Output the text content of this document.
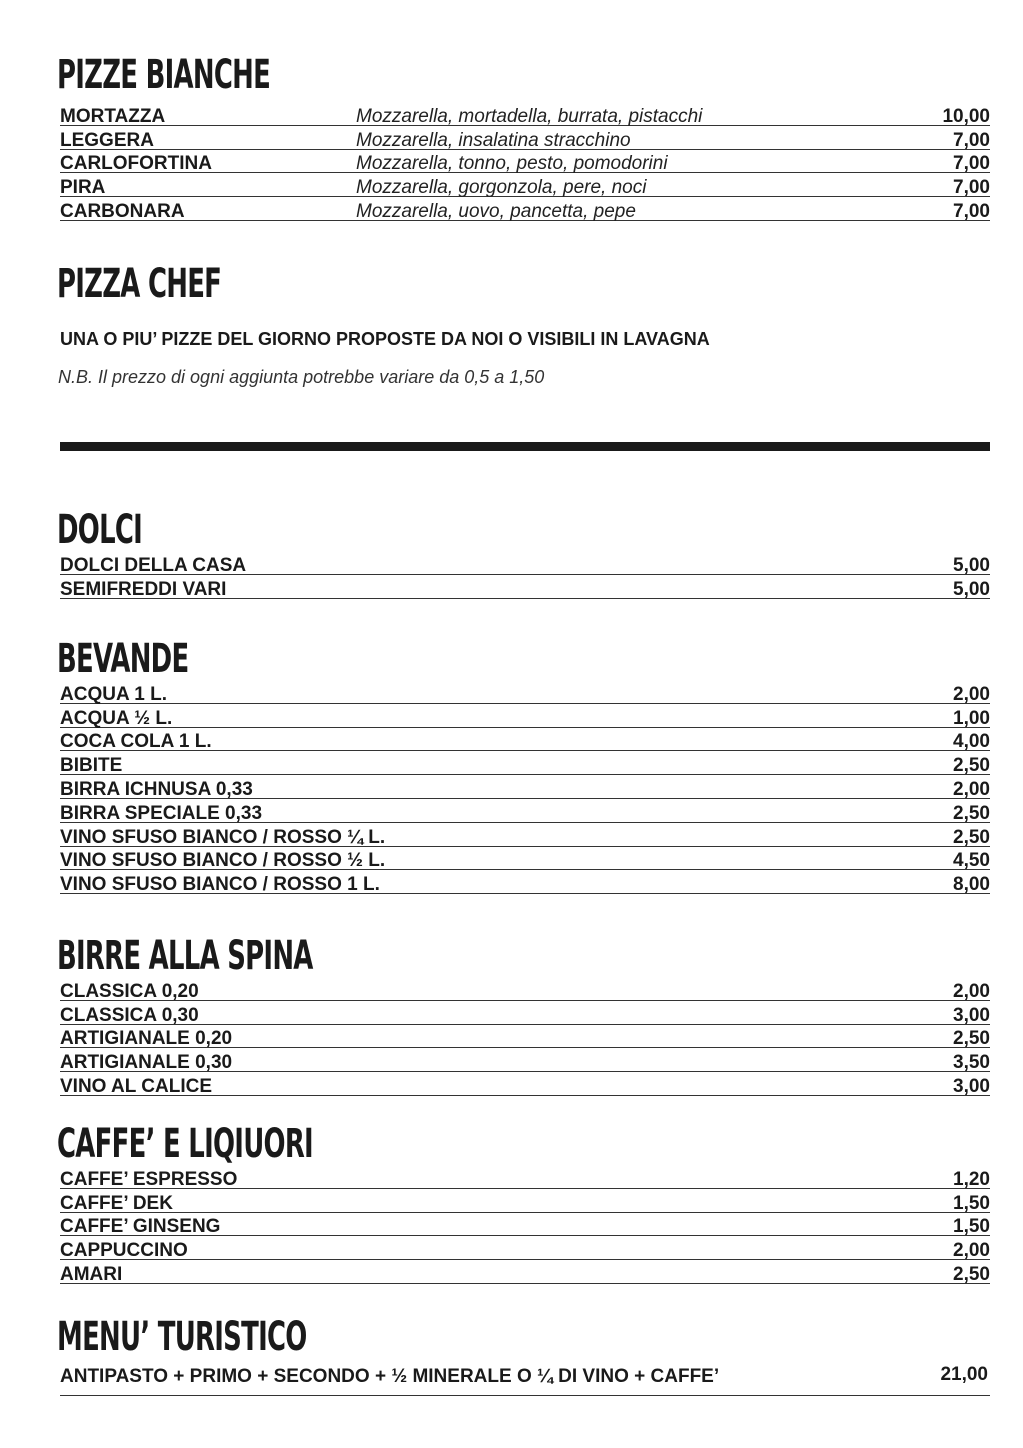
PIZZE BIANCHE
MORTAZZA	Mozzarella, mortadella, burrata, pistacchi	10,00
LEGGERA	Mozzarella, insalatina stracchino	7,00
CARLOFORTINA	Mozzarella, tonno, pesto, pomodorini	7,00
PIRA	Mozzarella, gorgonzola, pere, noci	7,00
CARBONARA	Mozzarella, uovo, pancetta, pepe	7,00
PIZZA CHEF
UNA O PIU’ PIZZE DEL GIORNO PROPOSTE DA NOI O VISIBILI IN LAVAGNA
N.B. Il prezzo di ogni aggiunta potrebbe variare da 0,5 a 1,50
DOLCI
DOLCI DELLA CASA	5,00
SEMIFREDDI VARI	5,00
BEVANDE
ACQUA 1 L.	2,00
ACQUA ½ L.	1,00
COCA COLA 1 L.	4,00
BIBITE	2,50
BIRRA ICHNUSA 0,33	2,00
BIRRA SPECIALE 0,33	2,50
VINO SFUSO BIANCO / ROSSO ¼ L.	2,50
VINO SFUSO BIANCO / ROSSO ½ L.	4,50
VINO SFUSO BIANCO / ROSSO 1 L.	8,00
BIRRE ALLA SPINA
CLASSICA 0,20	2,00
CLASSICA 0,30	3,00
ARTIGIANALE 0,20	2,50
ARTIGIANALE 0,30	3,50
VINO AL CALICE	3,00
CAFFE’ E LIQIUORI
CAFFE’ ESPRESSO	1,20
CAFFE’ DEK	1,50
CAFFE’ GINSENG	1,50
CAPPUCCINO	2,00
AMARI	2,50
MENU’ TURISTICO
ANTIPASTO + PRIMO + SECONDO + ½ MINERALE O ¼ DI VINO + CAFFE’	21,00
